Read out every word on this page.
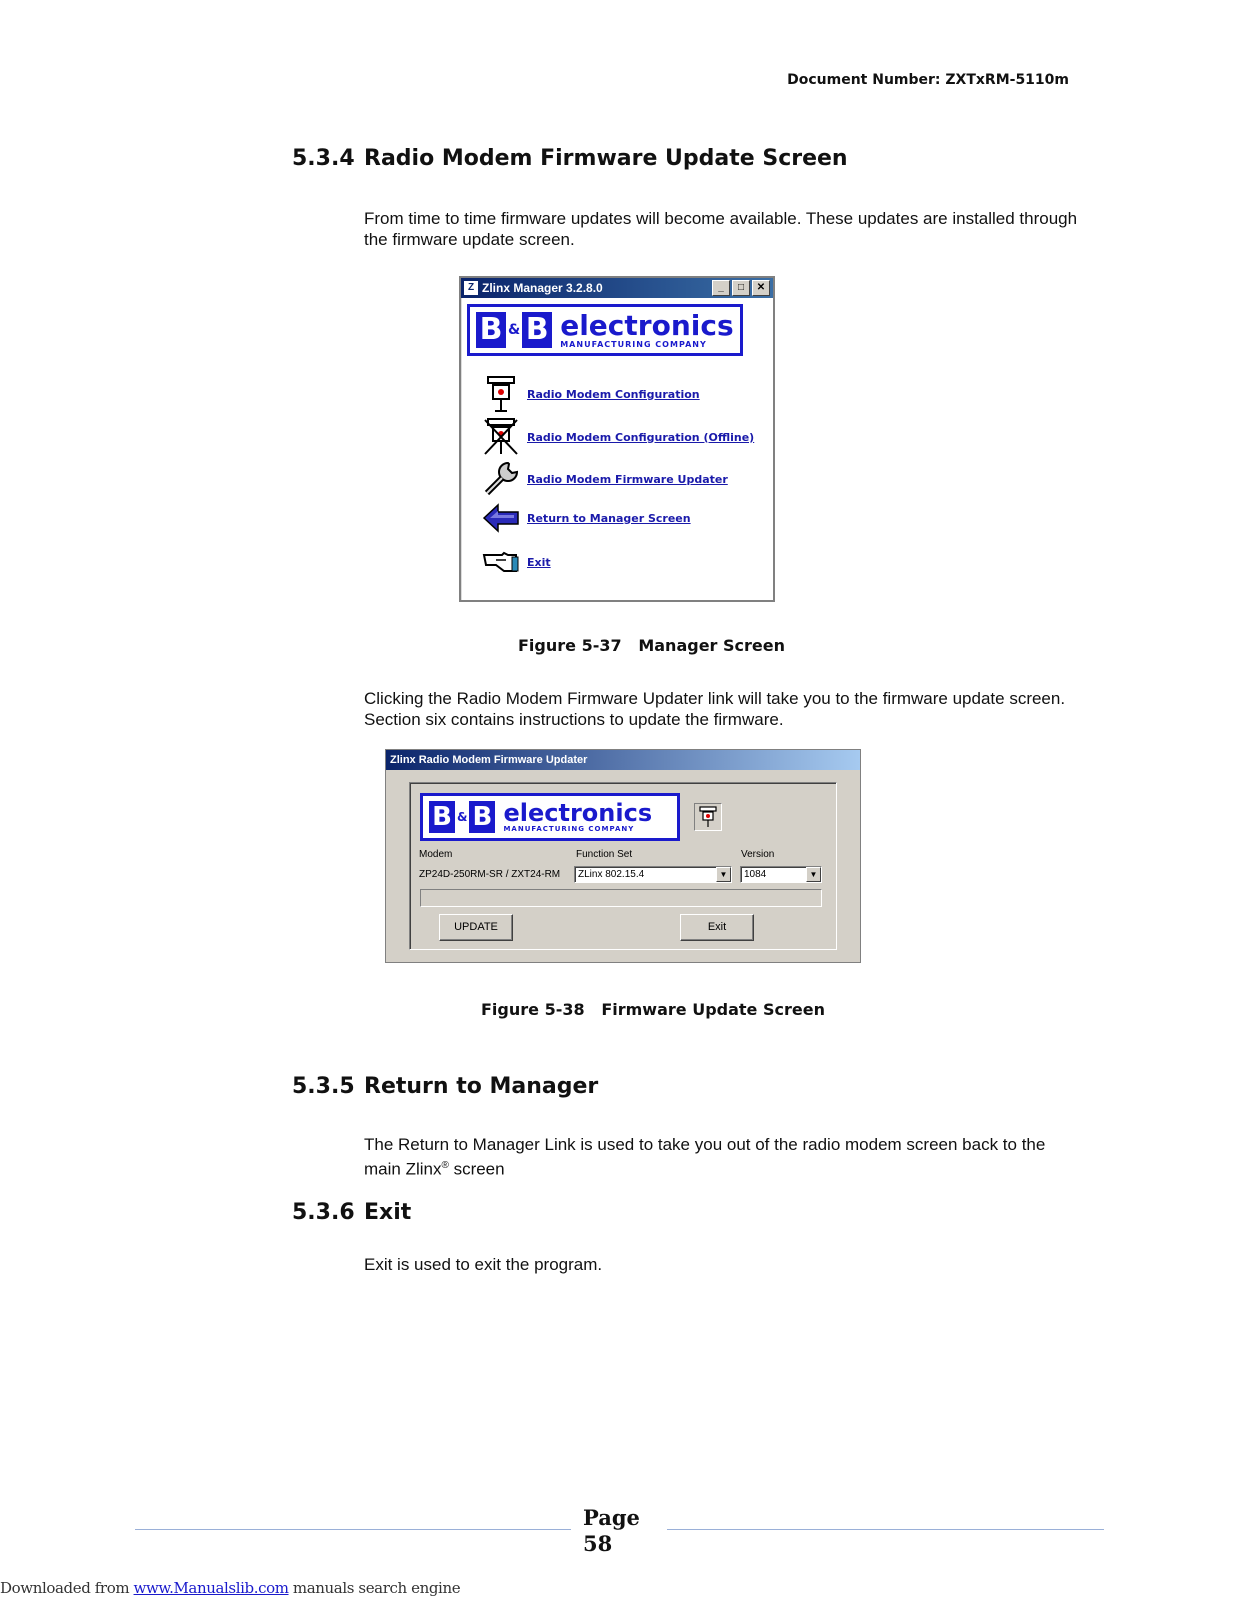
Document Number: ZXTxRM-5110m
5.3.4 Radio Modem Firmware Update Screen
From time to time firmware updates will become available. These updates are installed through the firmware update screen.
Z Zlinx Manager 3.2.8.0	_	□	✕
B & B electronics
MANUFACTURING COMPANY
Radio Modem Configuration
Radio Modem Configuration (Offline)
Radio Modem Firmware Updater
Return to Manager Screen
Exit
Figure 5-37 Manager Screen
Clicking the Radio Modem Firmware Updater link will take you to the firmware update screen. Section six contains instructions to update the firmware.
Zlinx Radio Modem Firmware Updater
B & B electronics
MANUFACTURING COMPANY
Modem
ZP24D-250RM-SR / ZXT24-RM
Function Set
ZLinx 802.15.4	▼
Version
1084	▼
UPDATE	Exit
Figure 5-38 Firmware Update Screen
5.3.5 Return to Manager
The Return to Manager Link is used to take you out of the radio modem screen back to the main Zlinx® screen
5.3.6 Exit
Exit is used to exit the program.
Page
58
Downloaded from www.Manualslib.com manuals search engine
